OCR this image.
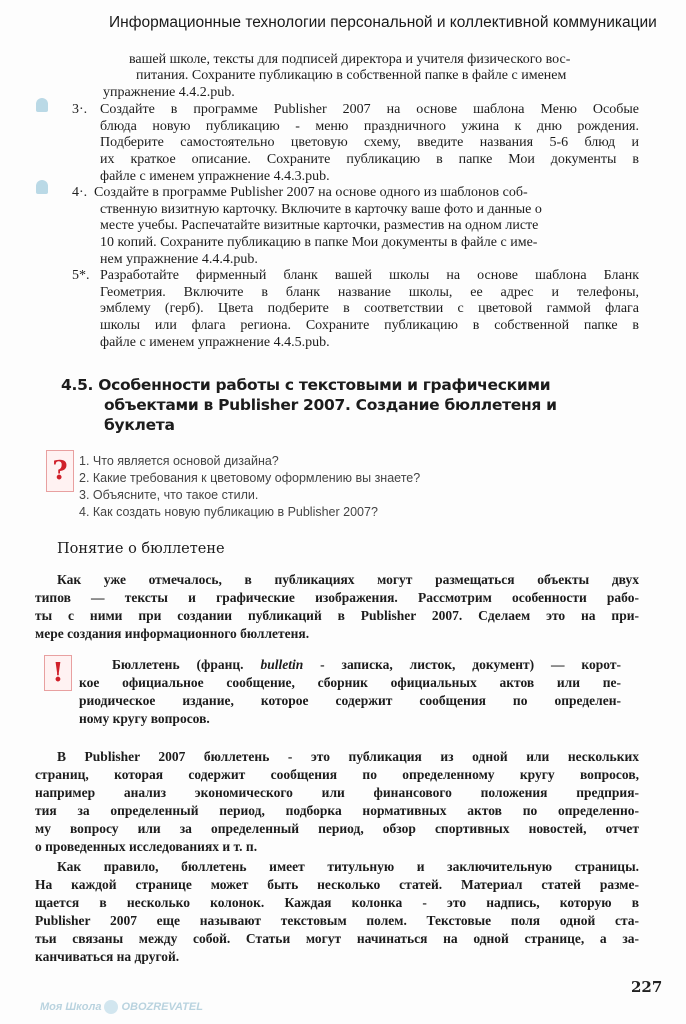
Моя Школа OBOZREVATEL
Информационные технологии персональной и коллективной коммуникации
вашей школе, тексты для подписей директора и учителя физического вос-
питания. Сохраните публикацию в собственной папке в файле с именем
упражнение 4.4.2.pub.
3·. Создайте в программе Publisher 2007 на основе шаблона Меню Особые
блюда новую публикацию - меню праздничного ужина к дню рождения.
Подберите самостоятельно цветовую схему, введите названия 5-6 блюд и
их краткое описание. Сохраните публикацию в папке Мои документы в
файле с именем упражнение 4.4.3.pub.
4·. Создайте в программе Publisher 2007 на основе одного из шаблонов соб-
ственную визитную карточку. Включите в карточку ваше фото и данные о
месте учебы. Распечатайте визитные карточки, разместив на одном листе
10 копий. Сохраните публикацию в папке Мои документы в файле с име-
нем упражнение 4.4.4.pub.
5*. Разработайте фирменный бланк вашей школы на основе шаблона Бланк
Геометрия. Включите в бланк название школы, ее адрес и телефоны,
эмблему (герб). Цвета подберите в соответствии с цветовой гаммой флага
школы или флага региона. Сохраните публикацию в собственной папке в
файле с именем упражнение 4.4.5.pub.
Как уже отмечалось, в публикациях могут размещаться объекты двух
типов — тексты и графические изображения. Рассмотрим особенности рабо-
ты с ними при создании публикаций в Publisher 2007. Сделаем это на при-
мере создания информационного бюллетеня.
В Publisher 2007 бюллетень - это публикация из одной или нескольких
страниц, которая содержит сообщения по определенному кругу вопросов,
например анализ экономического или финансового положения предприя-
тия за определенный период, подборка нормативных актов по определенно-
му вопросу или за определенный период, обзор спортивных новостей, отчет
о проведенных исследованиях и т. п.
Как правило, бюллетень имеет титульную и заключительную страницы.
На каждой странице может быть несколько статей. Материал статей разме-
щается в несколько колонок. Каждая колонка - это надпись, которую в
Publisher 2007 еще называют текстовым полем. Текстовые поля одной ста-
тьи связаны между собой. Статьи могут начинаться на одной странице, а за-
канчиваться на другой.
Бюллетень (франц. bulletin - записка, листок, документ) — корот-
кое официальное сообщение, сборник официальных актов или пе-
риодическое издание, которое содержит сообщения по определен-
ному кругу вопросов.
4.5. Особенности работы с текстовыми и графическими
объектами в Publisher 2007. Создание бюллетеня и
буклета
? 1. Что является основой дизайна?
2. Какие требования к цветовому оформлению вы знаете?
3. Объясните, что такое стили.
4. Как создать новую публикацию в Publisher 2007?
Понятие о бюллетене
!
227
